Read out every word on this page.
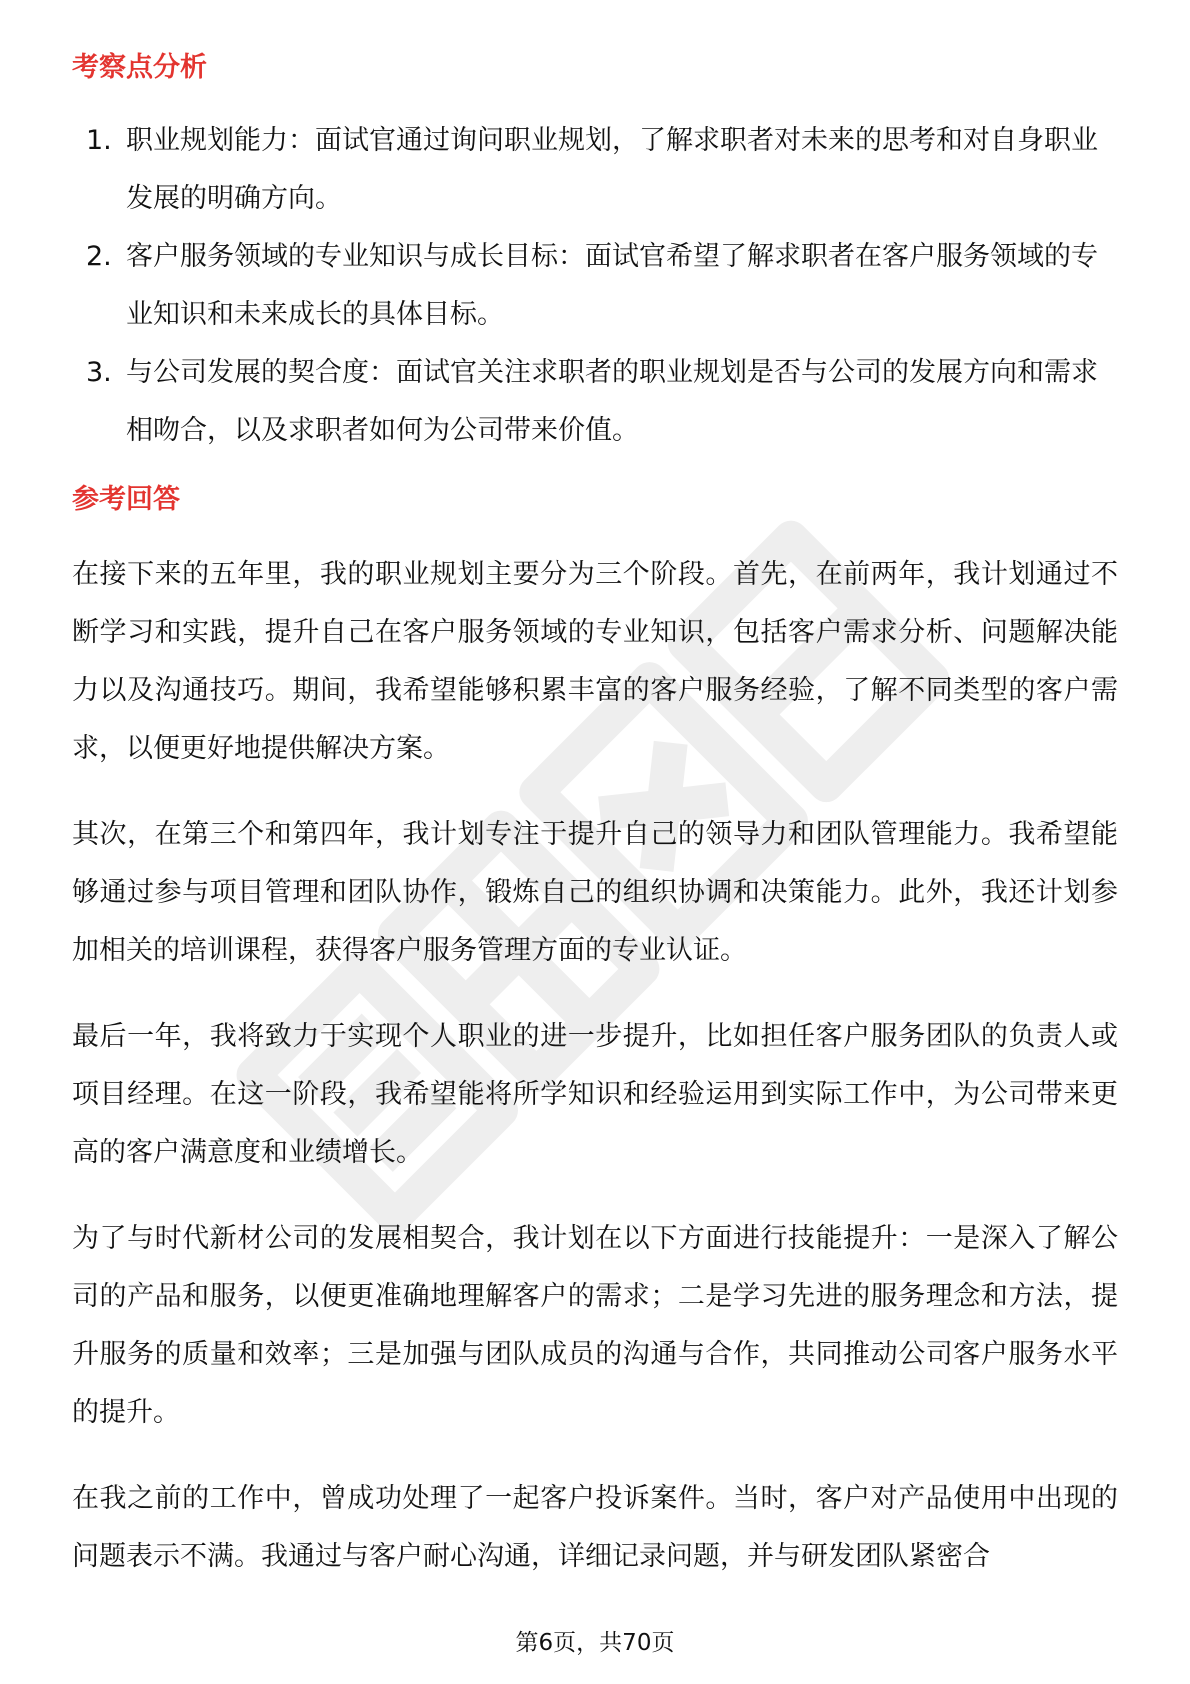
考察点分析
1. 职业规划能力：面试官通过询问职业规划，了解求职者对未来的思考和对自身职业发展的明确方向。
2. 客户服务领域的专业知识与成长目标：面试官希望了解求职者在客户服务领域的专业知识和未来成长的具体目标。
3. 与公司发展的契合度：面试官关注求职者的职业规划是否与公司的发展方向和需求相吻合，以及求职者如何为公司带来价值。
参考回答

在接下来的五年里，我的职业规划主要分为三个阶段。首先，在前两年，我计划通过不断学习和实践，提升自己在客户服务领域的专业知识，包括客户需求分析、问题解决能力以及沟通技巧。期间，我希望能够积累丰富的客户服务经验，了解不同类型的客户需求，以便更好地提供解决方案。

其次，在第三个和第四年，我计划专注于提升自己的领导力和团队管理能力。我希望能够通过参与项目管理和团队协作，锻炼自己的组织协调和决策能力。此外，我还计划参加相关的培训课程，获得客户服务管理方面的专业认证。

最后一年，我将致力于实现个人职业的进一步提升，比如担任客户服务团队的负责人或项目经理。在这一阶段，我希望能将所学知识和经验运用到实际工作中，为公司带来更高的客户满意度和业绩增长。

为了与时代新材公司的发展相契合，我计划在以下方面进行技能提升：一是深入了解公司的产品和服务，以便更准确地理解客户的需求；二是学习先进的服务理念和方法，提升服务的质量和效率；三是加强与团队成员的沟通与合作，共同推动公司客户服务水平的提升。

在我之前的工作中，曾成功处理了一起客户投诉案件。当时，客户对产品使用中出现的问题表示不满。我通过与客户耐心沟通，详细记录问题，并与研发团队紧密合

第6页，共70页
